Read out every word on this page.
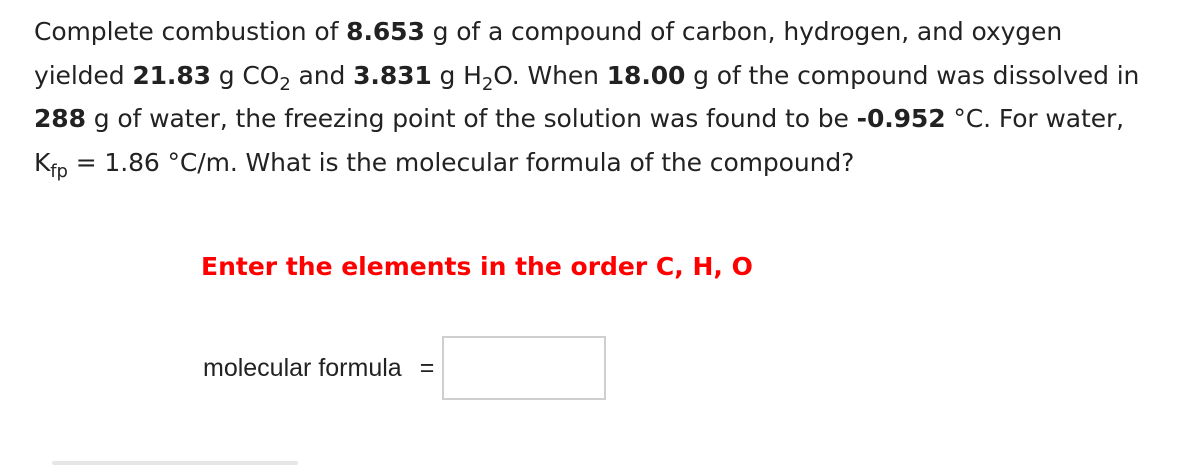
Complete combustion of 8.653 g of a compound of carbon, hydrogen, and oxygen
yielded 21.83 g $CO_2$ and 3.831 g $H_2O$. When 18.00 g of the compound was dissolved in
288 g of water, the freezing point of the solution was found to be -0.952 °C. For water,
$K_{fp} = 1.86$ °C/m. What is the molecular formula of the compound?
Enter the elements in the order C, H, O
molecular formula =
